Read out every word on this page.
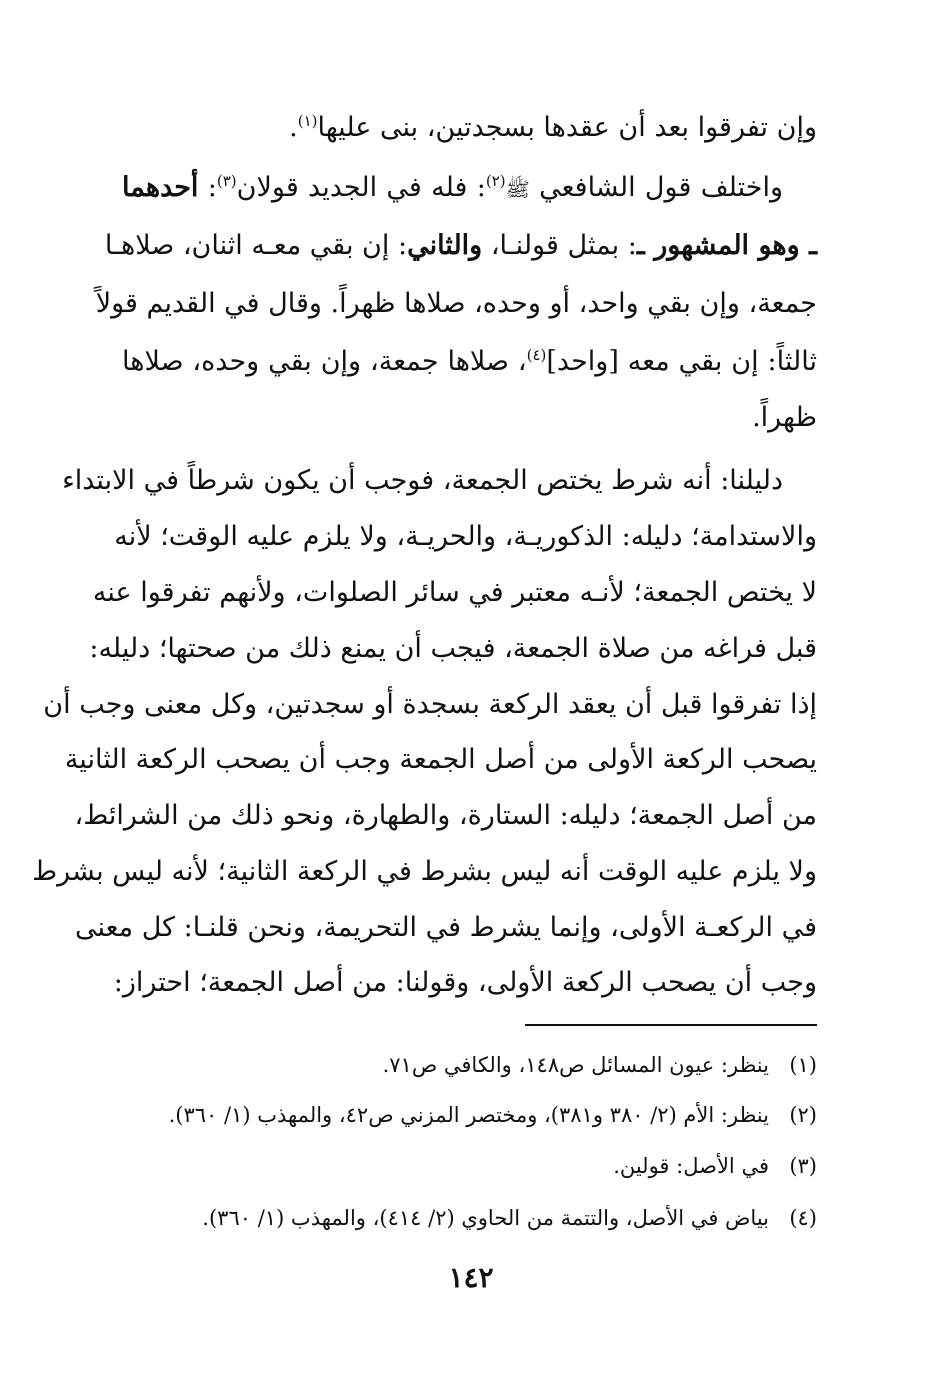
وإن تفرقوا بعد أن عقدها بسجدتين، بنى عليها$^{(١)}$.
واختلف قول الشافعي ﷺ$^{(٢)}$: فله في الجديد قولان$^{(٣)}$: أحدهما
ـ وهو المشهور ـ: بمثل قولنـا، والثاني: إن بقي معـه اثنان، صلاهـا
جمعة، وإن بقي واحد، أو وحده، صلاها ظهراً. وقال في القديم قولاً
ثالثاً: إن بقي معه [واحد]$^{(٤)}$، صلاها جمعة، وإن بقي وحده، صلاها
ظهراً.
دليلنا: أنه شرط يختص الجمعة، فوجب أن يكون شرطاً في الابتداء
والاستدامة؛ دليله: الذكوريـة، والحريـة، ولا يلزم عليه الوقت؛ لأنه
لا يختص الجمعة؛ لأنـه معتبر في سائر الصلوات، ولأنهم تفرقوا عنه
قبل فراغه من صلاة الجمعة، فيجب أن يمنع ذلك من صحتها؛ دليله:
إذا تفرقوا قبل أن يعقد الركعة بسجدة أو سجدتين، وكل معنى وجب أن
يصحب الركعة الأولى من أصل الجمعة وجب أن يصحب الركعة الثانية
من أصل الجمعة؛ دليله: الستارة، والطهارة، ونحو ذلك من الشرائط،
ولا يلزم عليه الوقت أنه ليس بشرط في الركعة الثانية؛ لأنه ليس بشرط
في الركعـة الأولى، وإنما يشرط في التحريمة، ونحن قلنـا: كل معنى
وجب أن يصحب الركعة الأولى، وقولنا: من أصل الجمعة؛ احتراز:
(١)ينظر: عيون المسائل ص١٤٨، والكافي ص٧١.
(٢)ينظر: الأم (٢/ ٣٨٠ و٣٨١)، ومختصر المزني ص٤٢، والمهذب (١/ ٣٦٠).
(٣)في الأصل: قولين.
(٤)بياض في الأصل، والتتمة من الحاوي (٢/ ٤١٤)، والمهذب (١/ ٣٦٠).
١٤٢
